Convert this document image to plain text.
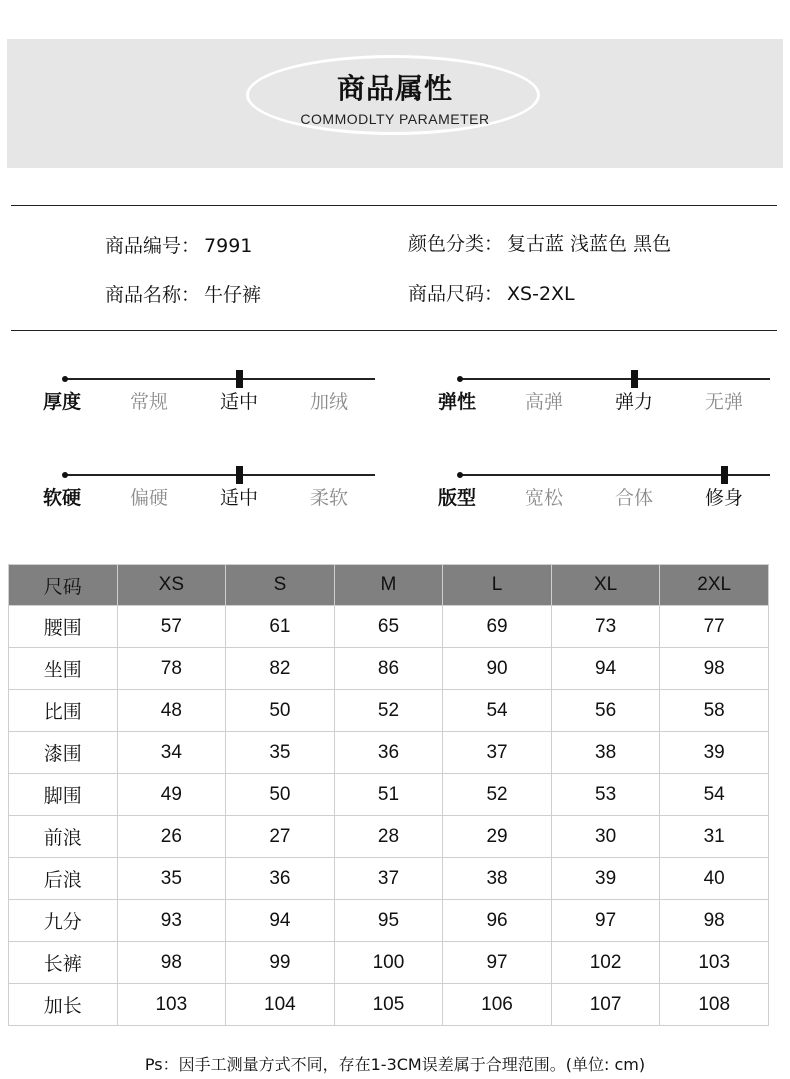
商品属性
COMMODLTY PARAMETER
商品编号： 7991	颜色分类： 复古蓝 浅蓝色 黑色
商品名称： 牛仔裤	商品尺码： XS-2XL
厚度	常规	适中	加绒	弹性	高弹	弹力	无弹
软硬	偏硬	适中	柔软	版型	宽松	合体	修身
尺码	XS	S	M	L	XL	2XL
腰围	57	61	65	69	73	77
坐围	78	82	86	90	94	98
比围	48	50	52	54	56	58
漆围	34	35	36	37	38	39
脚围	49	50	51	52	53	54
前浪	26	27	28	29	30	31
后浪	35	36	37	38	39	40
九分	93	94	95	96	97	98
长裤	98	99	100	97	102	103
加长	103	104	105	106	107	108
Ps：因手工测量方式不同，存在1-3CM误差属于合理范围。(单位: cm)
